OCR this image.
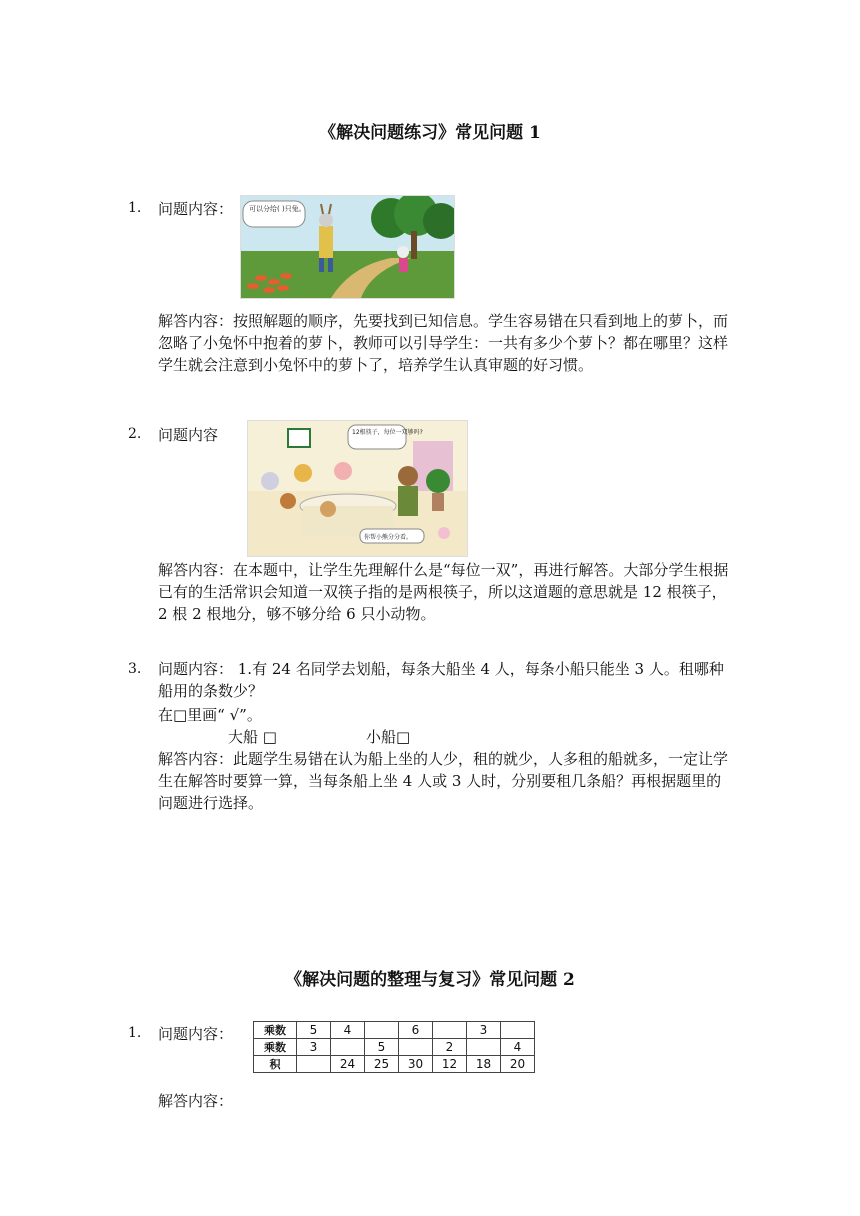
《解决问题练习》常见问题 1
1. 问题内容： 可以分给( )只兔。
解答内容：按照解题的顺序，先要找到已知信息。学生容易错在只看到地上的萝卜，而忽略了小兔怀中抱着的萝卜，教师可以引导学生：一共有多少个萝卜？都在哪里？这样学生就会注意到小兔怀中的萝卜了，培养学生认真审题的好习惯。
2. 问题内容	12根筷子，每位一双够吗?
你帮小熊分分看。
解答内容：在本题中，让学生先理解什么是“每位一双”，再进行解答。大部分学生根据已有的生活常识会知道一双筷子指的是两根筷子，所以这道题的意思就是 12 根筷子，2 根 2 根地分，够不够分给 6 只小动物。
3. 问题内容： 1.有 24 名同学去划船，每条大船坐 4 人，每条小船只能坐 3 人。租哪种船用的条数少？
在□里画“ √”。
大船 □	小船□
解答内容：此题学生易错在认为船上坐的人少，租的就少，人多租的船就多，一定让学生在解答时要算一算，当每条船上坐 4 人或 3 人时，分别要租几条船？再根据题里的问题进行选择。
《解决问题的整理与复习》常见问题 2
1. 问题内容：	乘数	5	4		6		3	
乘数	3		5		2		4
积		24	25	30	12	18	20
解答内容：
